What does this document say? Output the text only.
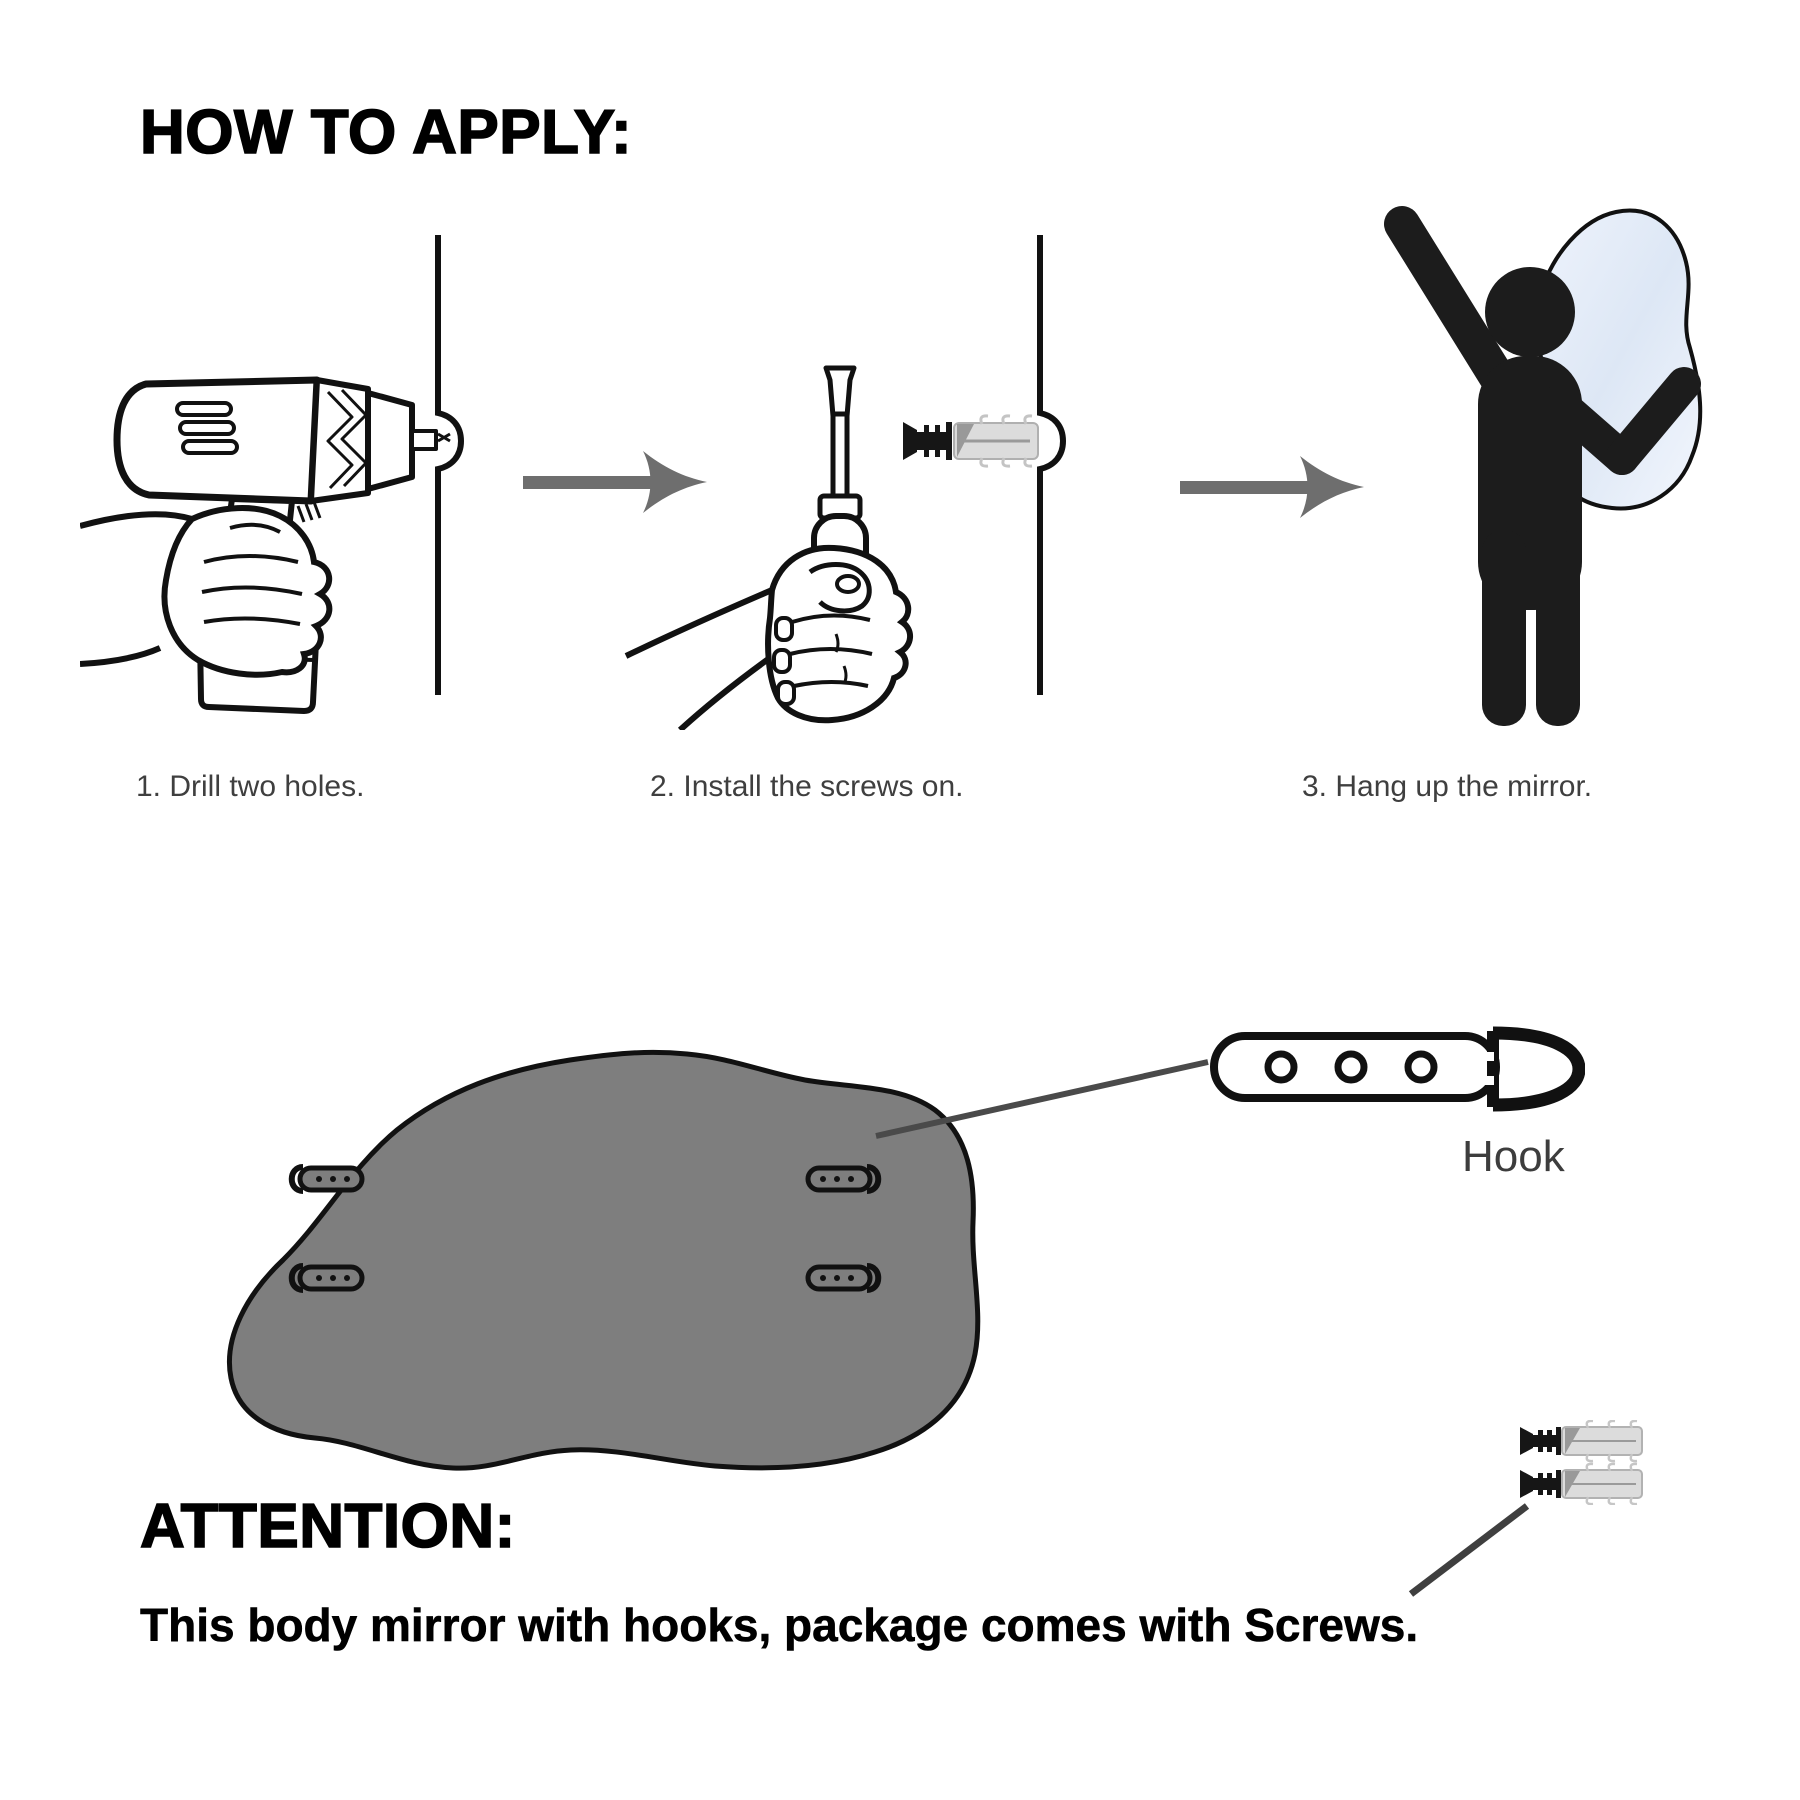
HOW TO APPLY:
1. Drill two holes.	2. Install the screws on.	3. Hang up the mirror.
Hook
ATTENTION:
This body mirror with hooks, package comes with Screws.
